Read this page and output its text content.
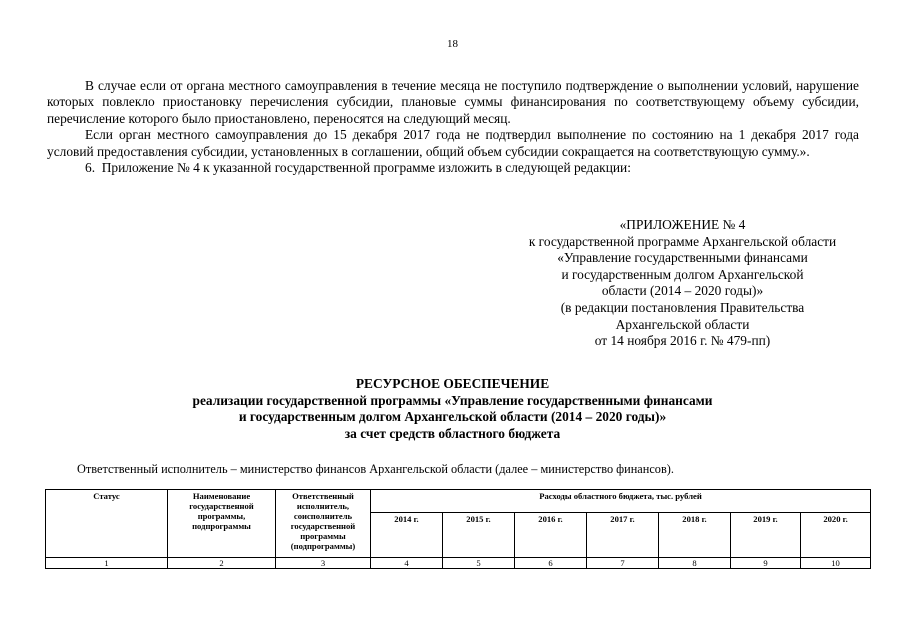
18

В случае если от органа местного самоуправления в течение месяца не поступило подтверждение о выполнении условий, нарушение которых повлекло приостановку перечисления субсидии, плановые суммы финансирования по соответствующему объему субсидии, перечисление которого было приостановлено, переносятся на следующий месяц.

Если орган местного самоуправления до 15 декабря 2017 года не подтвердил выполнение по состоянию на 1 декабря 2017 года условий предоставления субсидии, установленных в соглашении, общий объем субсидии сокращается на соответствующую сумму.».

6.  Приложение № 4 к указанной государственной программе изложить в следующей редакции:

«ПРИЛОЖЕНИЕ № 4
к государственной программе Архангельской области
«Управление государственными финансами
и государственным долгом Архангельской
области (2014 – 2020 годы)»
(в редакции постановления Правительства
Архангельской области
от 14 ноября 2016 г. № 479-пп)
РЕСУРСНОЕ ОБЕСПЕЧЕНИЕ
реализации государственной программы «Управление государственными финансами
и государственным долгом Архангельской области (2014 – 2020 годы)»
за счет средств областного бюджета
Ответственный исполнитель – министерство финансов Архангельской области (далее – министерство финансов).
Статус	Наименование государственной программы, подпрограммы	Ответственный исполнитель, соисполнитель государственной программы (подпрограммы)	Расходы областного бюджета, тыс. рублей						
			2014 г.	2015 г.	2016 г.	2017 г.	2018 г.	2019 г.	2020 г.
1	2	3	4	5	6	7	8	9	10
